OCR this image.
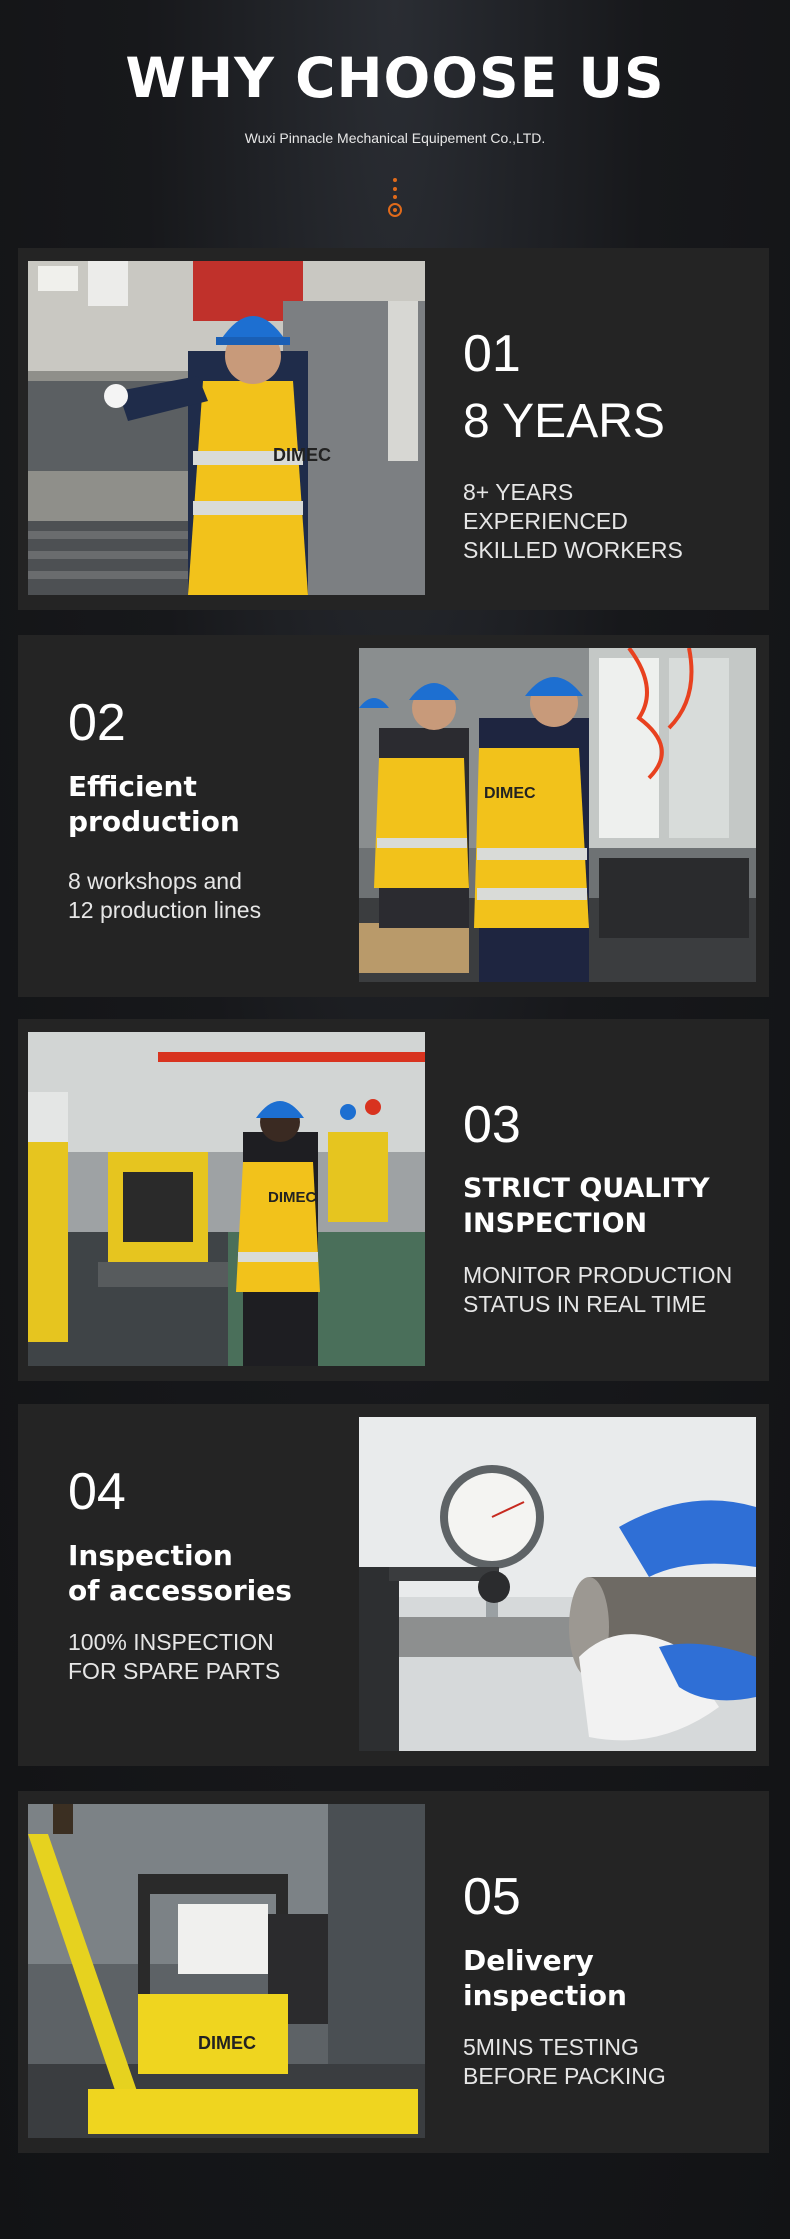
WHY CHOOSE US
Wuxi Pinnacle Mechanical Equipement Co.,LTD.
DIMEC
01
8 YEARS
8+ YEARS
EXPERIENCED
SKILLED WORKERS
02
Efficient
production
8 workshops and
12 production lines
DIMEC
DIMEC
03
STRICT QUALITY
INSPECTION
MONITOR PRODUCTION
STATUS IN REAL TIME
04
Inspection
of accessories
100% INSPECTION
FOR SPARE PARTS
DIMEC
05
Delivery
inspection
5MINS TESTING
BEFORE PACKING
